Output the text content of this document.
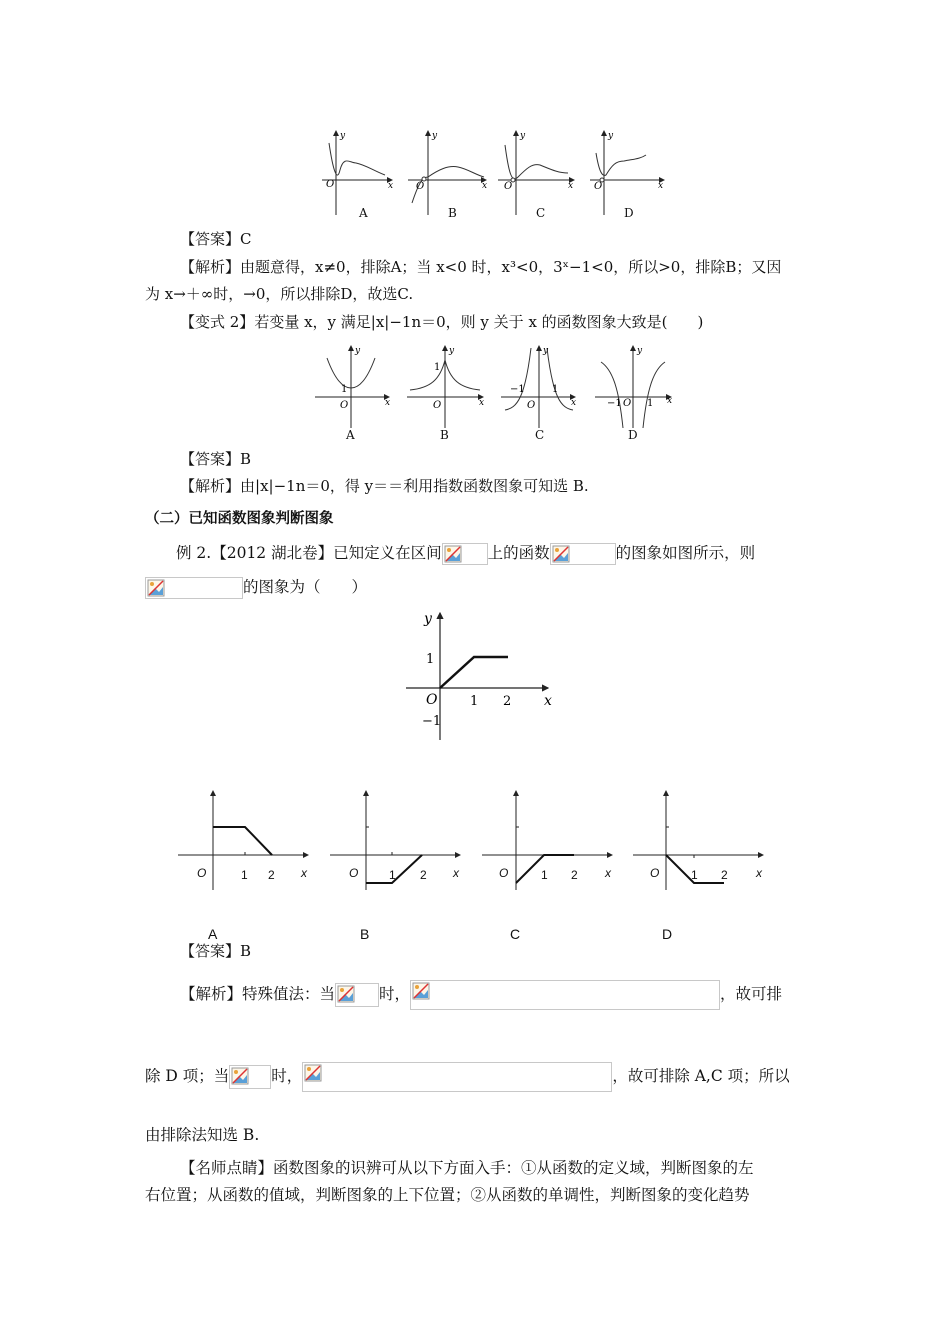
O
y
x O
y
x O
y
x O
y
x
A	B	C	D
【答案】C
【解析】由题意得，x≠0，排除A；当 x<0 时，x³<0，3ˣ−1<0，所以>0，排除B；又因
为 x→＋∞时，→0，所以排除D，故选C.
【变式 2】若变量 x，y 满足|x|−1n＝0，则 y 关于 x 的函数图象大致是(　　)
1
O
y
x
1
O
y
x
−1	1
O
y
x	−1 O 1
y
x
A	B	C	D
【答案】B
【解析】由|x|−1n＝0，得 y＝＝利用指数函数图象可知选 B.
（二）已知函数图象判断图象
例 2.【2012 湖北卷】已知定义在区间	上的函数	的图象如图所示，则
的图象为（　　）
y
x
O
1
−1
1 2
O	1 2 x	O	1 2 x	O	1 2 x	O	1 2 x
A	B	C	D
【答案】B
【解析】特殊值法：当	时，	，故可排
除 D 项；当	时，	，故可排除 A,C 项；所以
由排除法知选 B.
【名师点睛】函数图象的识辨可从以下方面入手：①从函数的定义域，判断图象的左
右位置；从函数的值域，判断图象的上下位置；②从函数的单调性，判断图象的变化趋势
